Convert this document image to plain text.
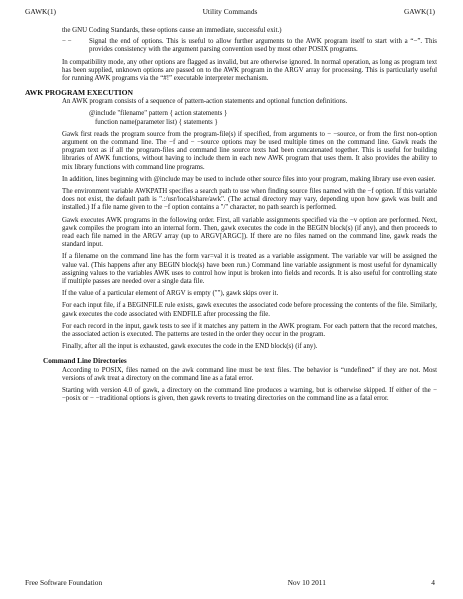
GAWK(1)	Utility Commands	GAWK(1)

the GNU Coding Standards, these options cause an immediate, successful exit.)

− −	Signal the end of options. This is useful to allow further arguments to the AWK program itself to start with a “−”. This provides consistency with the argument parsing convention used by most other POSIX programs.

In compatibility mode, any other options are flagged as invalid, but are otherwise ignored. In normal operation, as long as program text has been supplied, unknown options are passed on to the AWK program in the ARGV array for processing. This is particularly useful for running AWK programs via the “#!” executable interpreter mechanism.

AWK PROGRAM EXECUTION

An AWK program consists of a sequence of pattern-action statements and optional function definitions.

@include "filename" pattern { action statements }
function name(parameter list) { statements }

Gawk first reads the program source from the program-file(s) if specified, from arguments to − −source, or from the first non-option argument on the command line. The −f and − −source options may be used multiple times on the command line. Gawk reads the program text as if all the program-files and command line source texts had been concatenated together. This is useful for building libraries of AWK functions, without having to include them in each new AWK program that uses them. It also provides the ability to mix library functions with command line programs.

In addition, lines beginning with @include may be used to include other source files into your program, making library use even easier.

The environment variable AWKPATH specifies a search path to use when finding source files named with the −f option. If this variable does not exist, the default path is ".:/usr/local/share/awk". (The actual directory may vary, depending upon how gawk was built and installed.) If a file name given to the −f option contains a "/" character, no path search is performed.

Gawk executes AWK programs in the following order. First, all variable assignments specified via the −v option are performed. Next, gawk compiles the program into an internal form. Then, gawk executes the code in the BEGIN block(s) (if any), and then proceeds to read each file named in the ARGV array (up to ARGV[ARGC]). If there are no files named on the command line, gawk reads the standard input.

If a filename on the command line has the form var=val it is treated as a variable assignment. The variable var will be assigned the value val. (This happens after any BEGIN block(s) have been run.) Command line variable assignment is most useful for dynamically assigning values to the variables AWK uses to control how input is broken into fields and records. It is also useful for controlling state if multiple passes are needed over a single data file.

If the value of a particular element of ARGV is empty (""), gawk skips over it.

For each input file, if a BEGINFILE rule exists, gawk executes the associated code before processing the contents of the file. Similarly, gawk executes the code associated with ENDFILE after processing the file.

For each record in the input, gawk tests to see if it matches any pattern in the AWK program. For each pattern that the record matches, the associated action is executed. The patterns are tested in the order they occur in the program.

Finally, after all the input is exhausted, gawk executes the code in the END block(s) (if any).

Command Line Directories

According to POSIX, files named on the awk command line must be text files. The behavior is “undefined” if they are not. Most versions of awk treat a directory on the command line as a fatal error.

Starting with version 4.0 of gawk, a directory on the command line produces a warning, but is otherwise skipped. If either of the − −posix or − −traditional options is given, then gawk reverts to treating directories on the command line as a fatal error.

Free Software Foundation	Nov 10 2011	4
